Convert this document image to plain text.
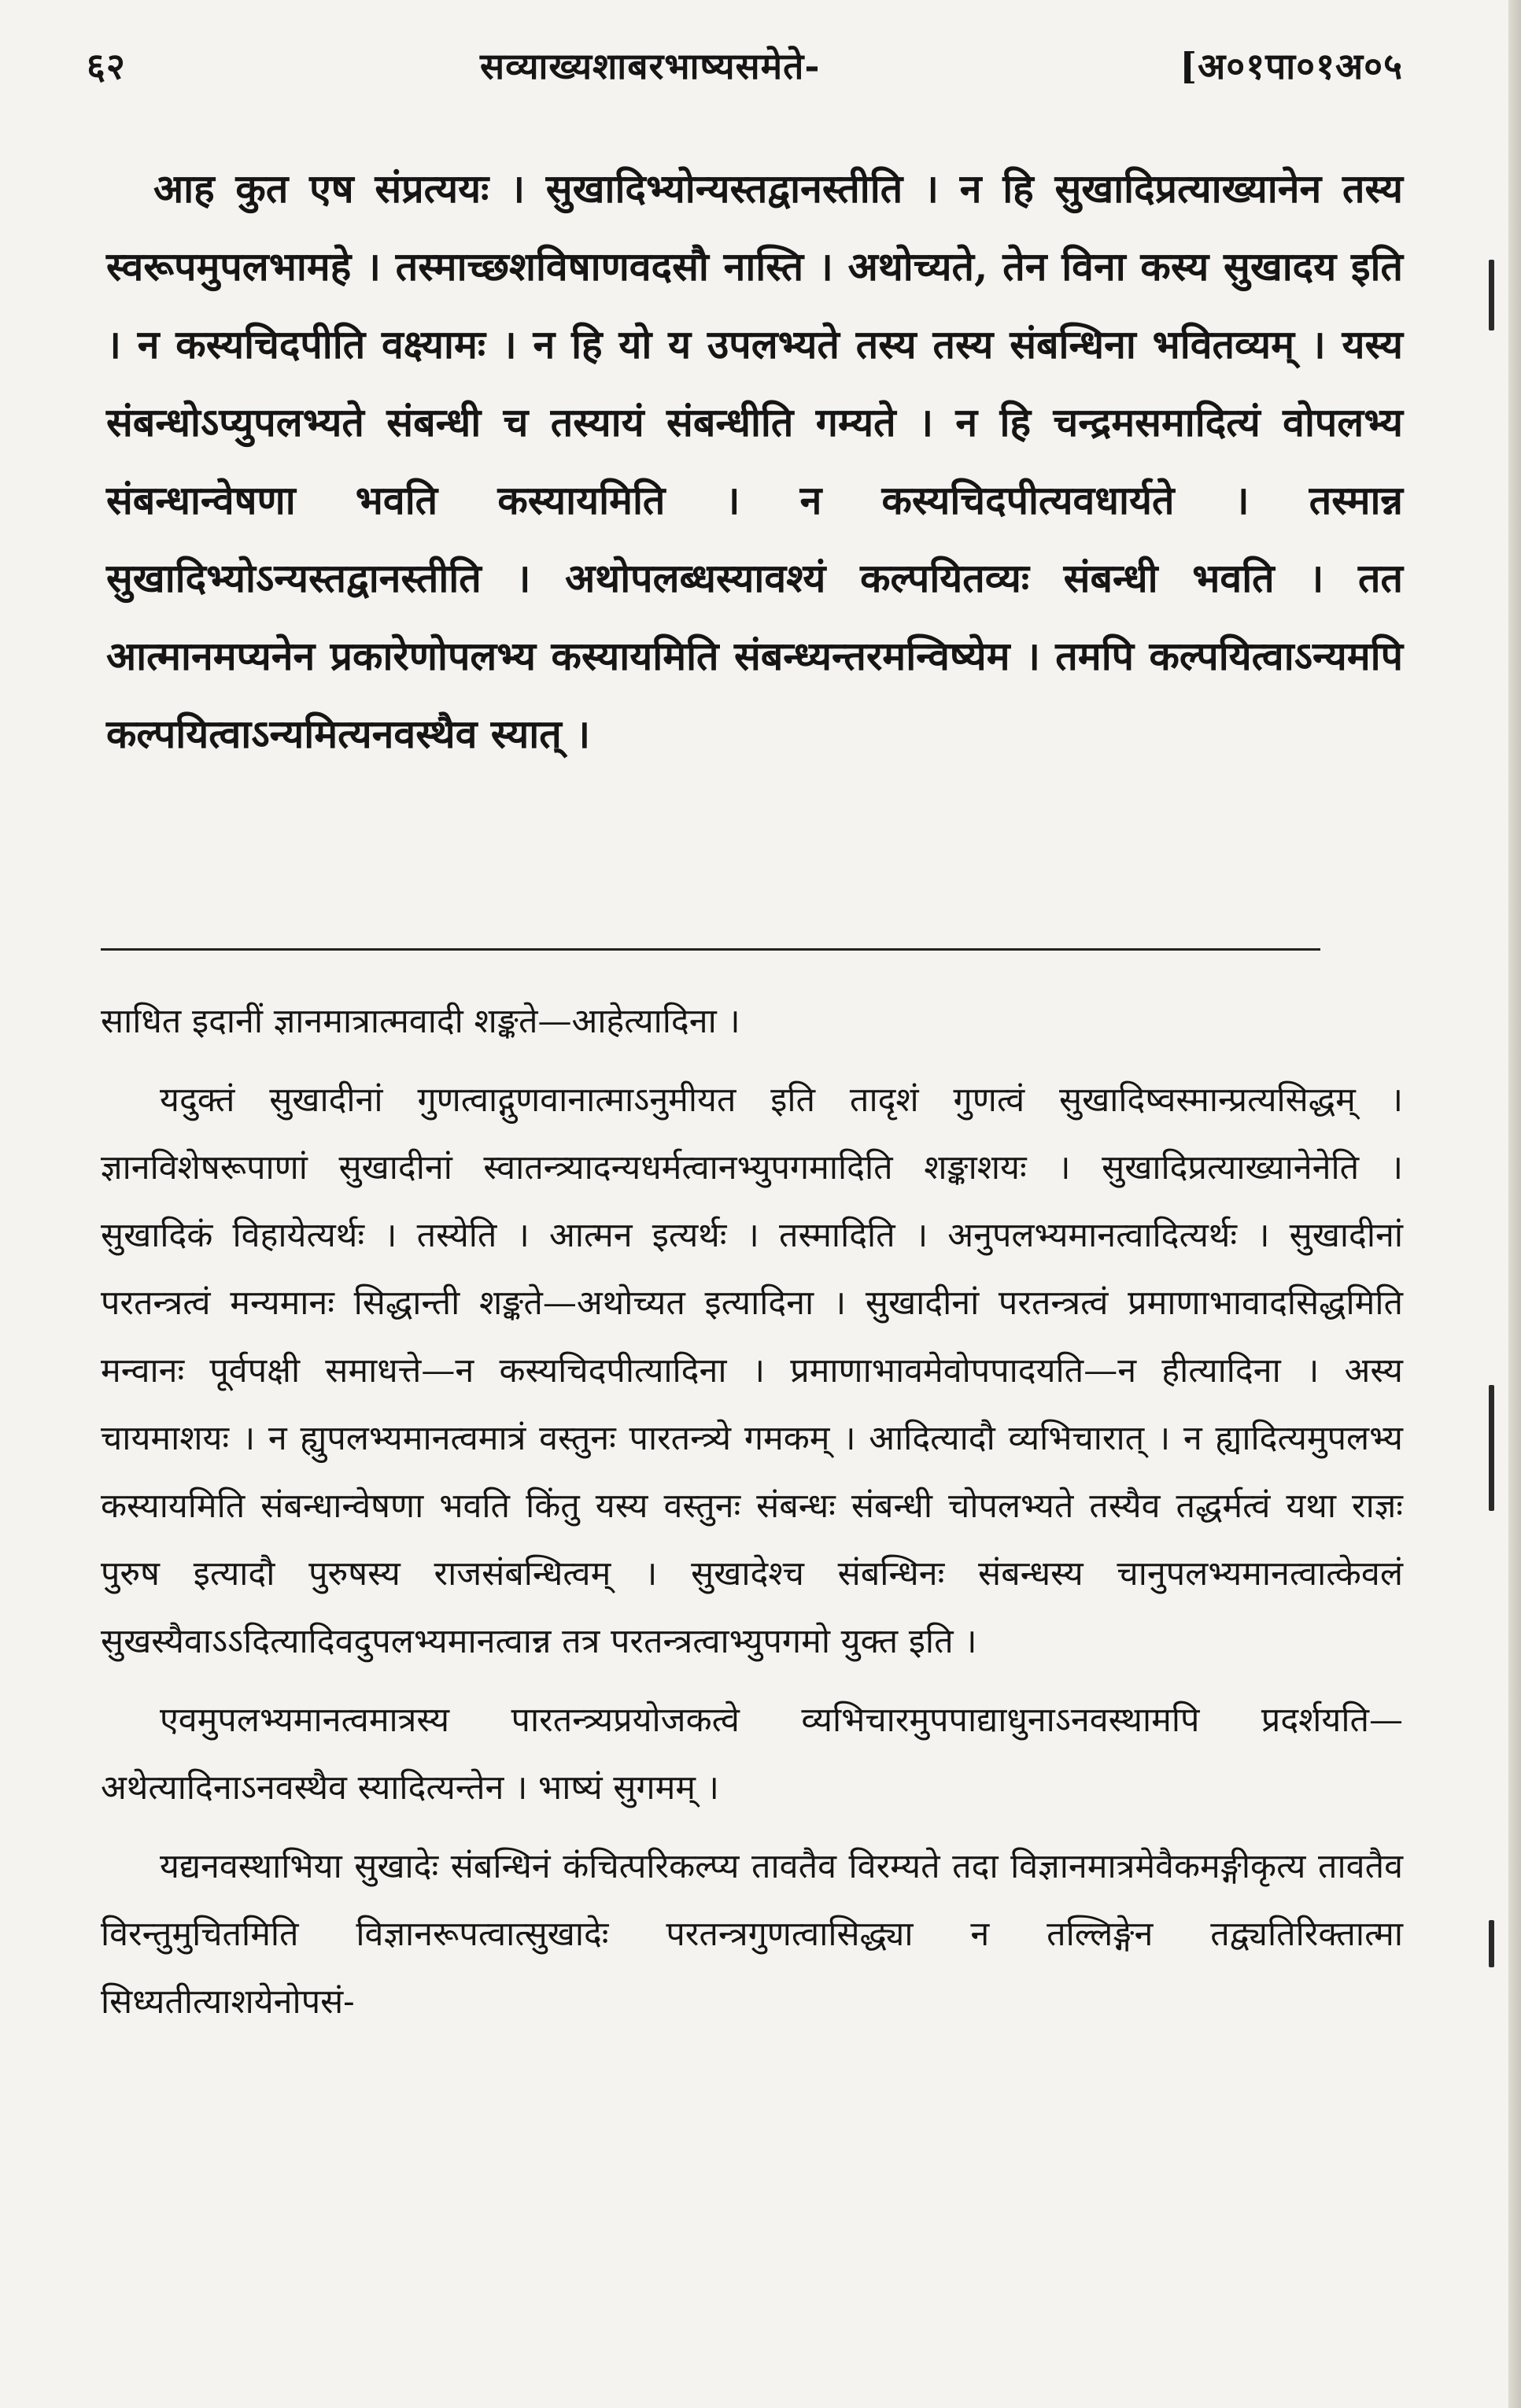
६२	सव्याख्यशाबरभाष्यसमेते-	[अ०१पा०१अ०५

आह कुत एष संप्रत्ययः । सुखादिभ्योन्यस्तद्वानस्तीति । न हि सुखादिप्रत्याख्यानेन तस्य स्वरूपमुपलभामहे । तस्माच्छशविषाणवदसौ नास्ति । अथोच्यते, तेन विना कस्य सुखादय इति । न कस्यचिदपीति वक्ष्यामः । न हि यो य उपलभ्यते तस्य तस्य संबन्धिना भवितव्यम् । यस्य संबन्धोऽप्युपलभ्यते संबन्धी च तस्यायं संबन्धीति गम्यते । न हि चन्द्रमसमादित्यं वोपलभ्य संबन्धान्वेषणा भवति कस्यायमिति । न कस्यचिदपीत्यवधार्यते । तस्मान्न सुखादिभ्योऽन्यस्तद्वानस्तीति । अथोपलब्धस्यावश्यं कल्पयितव्यः संबन्धी भवति । तत आत्मानमप्यनेन प्रकारेणोपलभ्य कस्यायमिति संबन्ध्यन्तरमन्विष्येम । तमपि कल्पयित्वाऽन्यमपि कल्पयित्वाऽन्यमित्यनवस्थैव स्यात् ।

साधित इदानीं ज्ञानमात्रात्मवादी शङ्कते—आहेत्यादिना ।

यदुक्तं सुखादीनां गुणत्वाद्गुणवानात्माऽनुमीयत इति तादृशं गुणत्वं सुखादिष्वस्मान्प्रत्यसिद्धम् । ज्ञानविशेषरूपाणां सुखादीनां स्वातन्त्र्यादन्यधर्मत्वानभ्युपगमादिति शङ्काशयः । सुखादिप्रत्याख्यानेनेति । सुखादिकं विहायेत्यर्थः । तस्येति । आत्मन इत्यर्थः । तस्मादिति । अनुपलभ्यमानत्वादित्यर्थः । सुखादीनां परतन्त्रत्वं मन्यमानः सिद्धान्ती शङ्कते—अथोच्यत इत्यादिना । सुखादीनां परतन्त्रत्वं प्रमाणाभावादसिद्धमिति मन्वानः पूर्वपक्षी समाधत्ते—न कस्यचिदपीत्यादिना । प्रमाणाभावमेवोपपादयति—न हीत्यादिना । अस्य चायमाशयः । न ह्युपलभ्यमानत्वमात्रं वस्तुनः पारतन्त्र्ये गमकम् । आदित्यादौ व्यभिचारात् । न ह्यादित्यमुपलभ्य कस्यायमिति संबन्धान्वेषणा भवति किंतु यस्य वस्तुनः संबन्धः संबन्धी चोपलभ्यते तस्यैव तद्धर्मत्वं यथा राज्ञः पुरुष इत्यादौ पुरुषस्य राजसंबन्धित्वम् । सुखादेश्च संबन्धिनः संबन्धस्य चानुपलभ्यमानत्वात्केवलं सुखस्यैवाऽऽदित्यादिवदुपलभ्यमानत्वान्न तत्र परतन्त्रत्वाभ्युपगमो युक्त इति ।

एवमुपलभ्यमानत्वमात्रस्य पारतन्त्र्यप्रयोजकत्वे व्यभिचारमुपपाद्याधुनाऽनवस्थामपि प्रदर्शयति—अथेत्यादिनाऽनवस्थैव स्यादित्यन्तेन । भाष्यं सुगमम् ।

यद्यनवस्थाभिया सुखादेः संबन्धिनं कंचित्परिकल्प्य तावतैव विरम्यते तदा विज्ञानमात्रमेवैकमङ्गीकृत्य तावतैव विरन्तुमुचितमिति विज्ञानरूपत्वात्सुखादेः परतन्त्रगुणत्वासिद्ध्या न तल्लिङ्गेन तद्व्यतिरिक्तात्मा सिध्यतीत्याशयेनोपसं-
